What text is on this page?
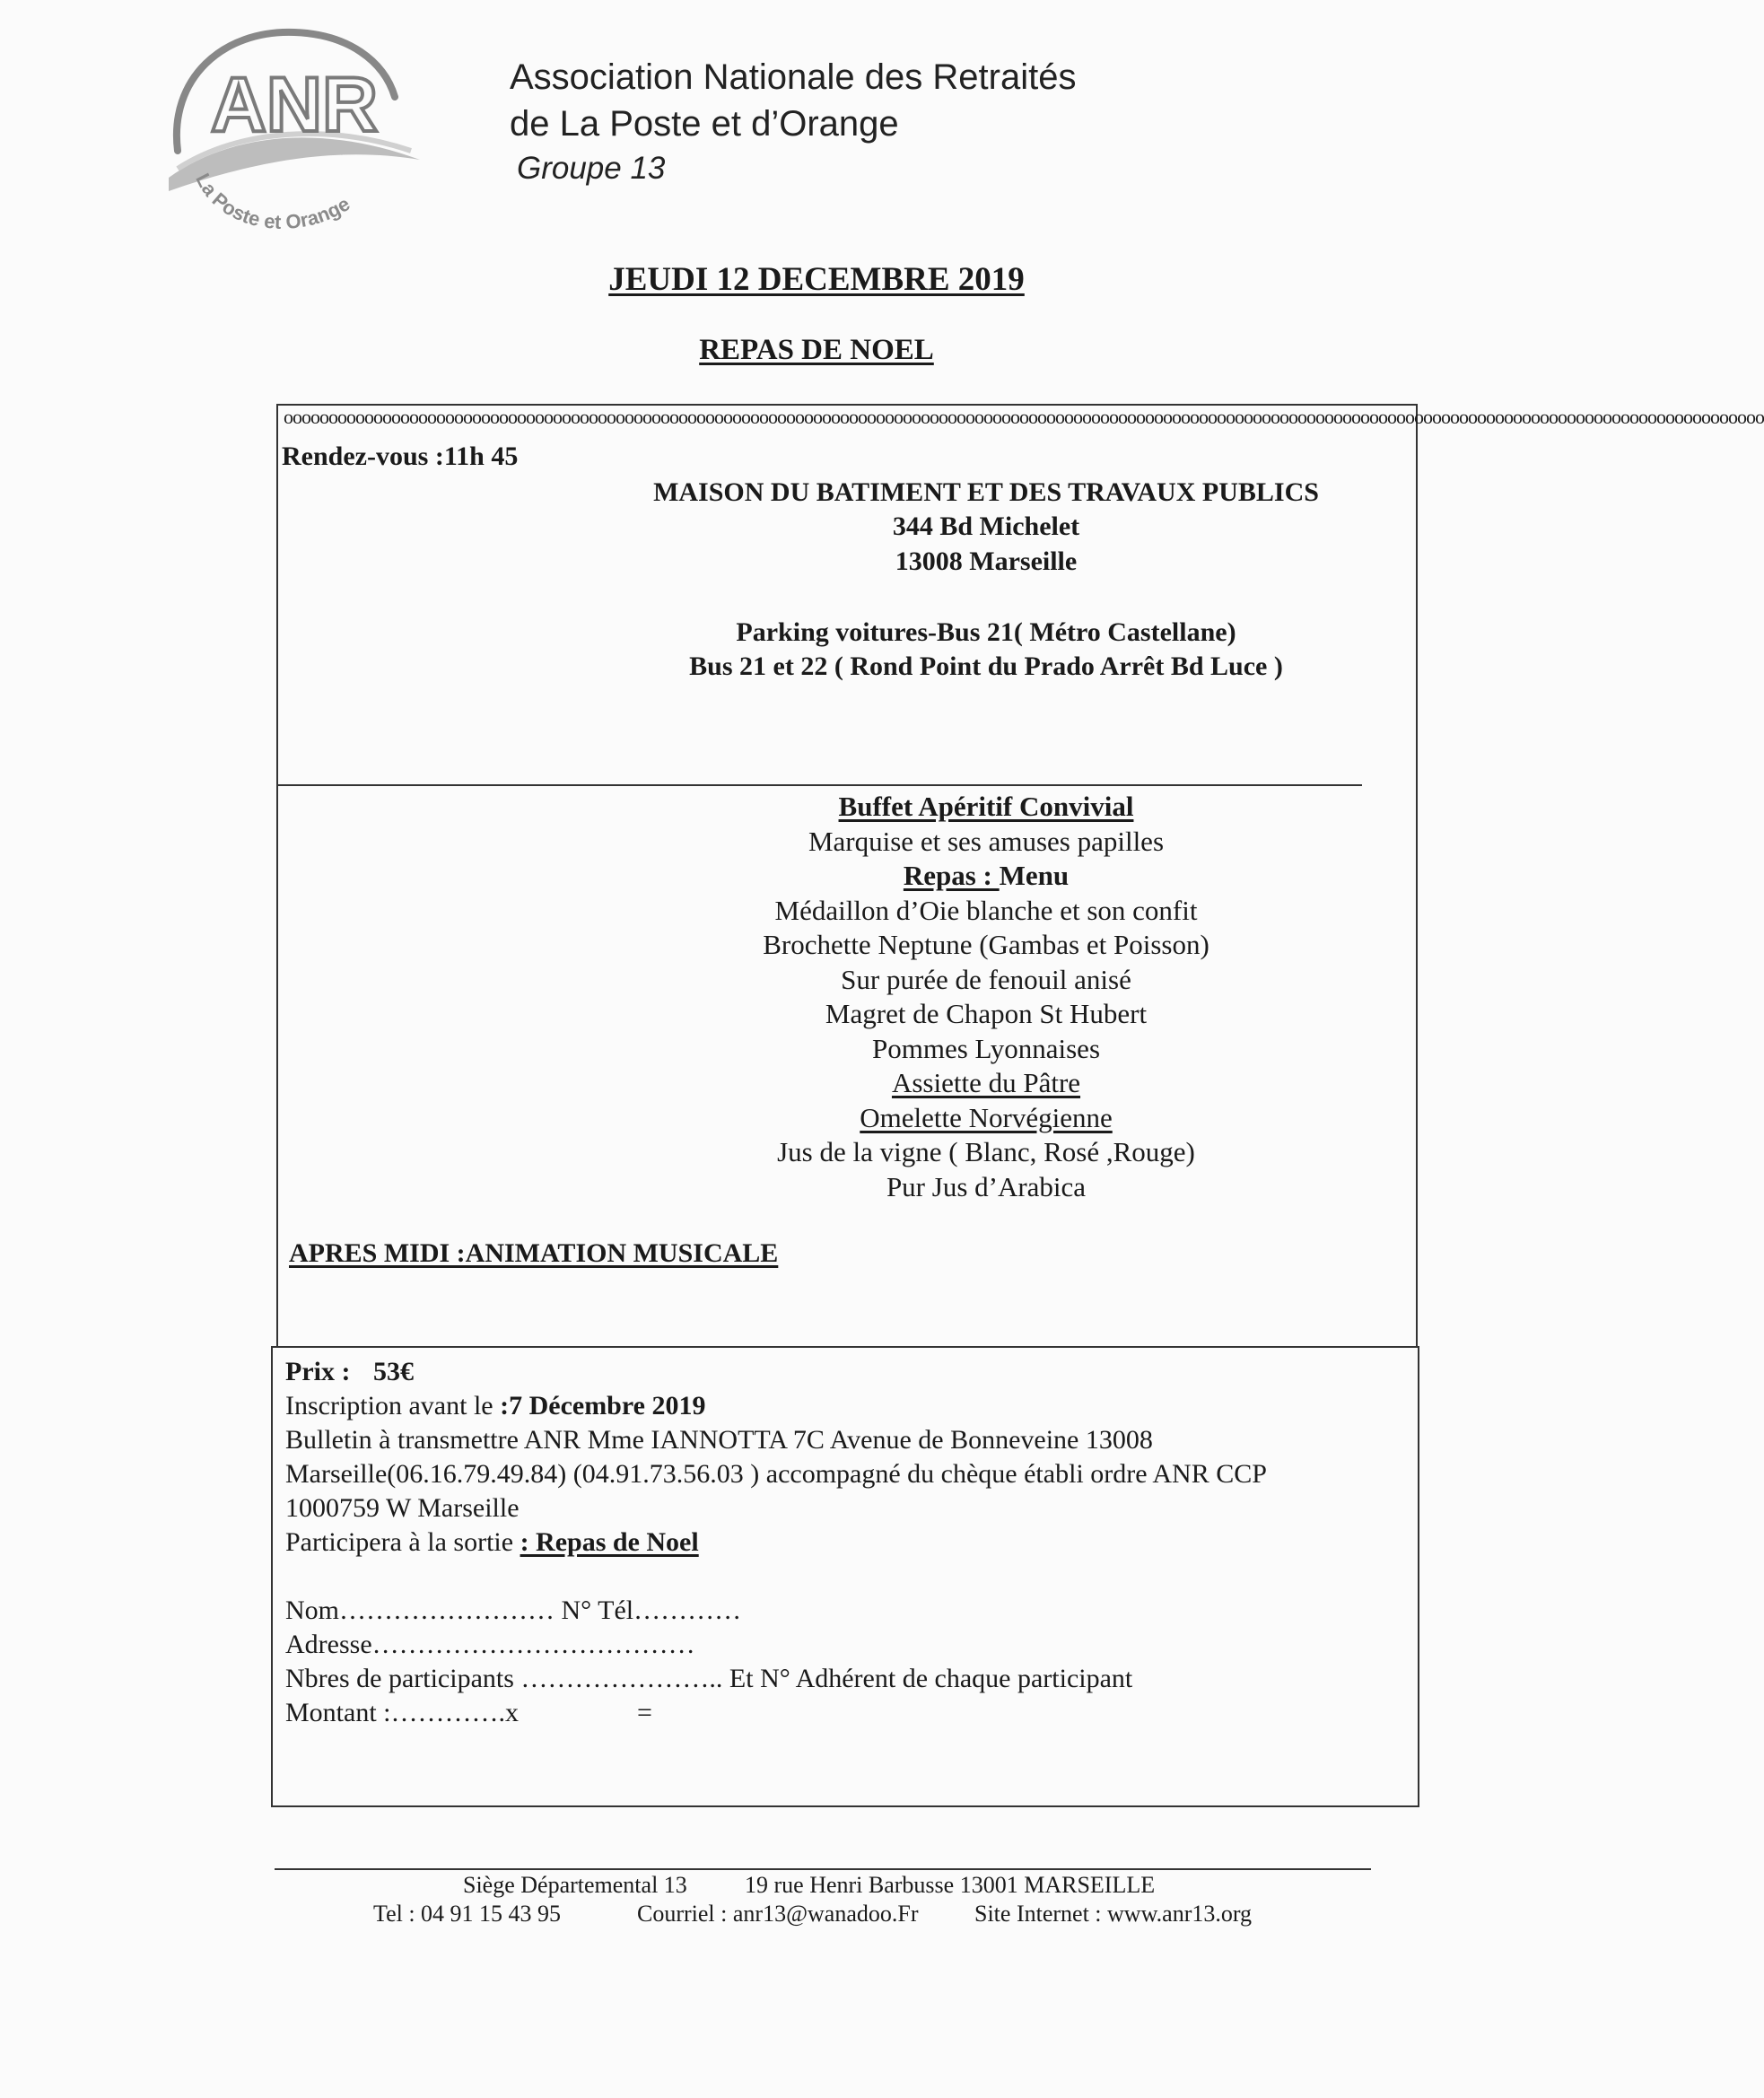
ANR
La Poste et Orange
Association Nationale des Retraités
de La Poste et d’Orange
Groupe 13
JEUDI 12 DECEMBRE 2019
REPAS DE NOEL
ooooooooooooooooooooooooooooooooooooooooooooooooooooooooooooooooooooooooooooooooooooooooooooooooooooooooooooooooooooooooooooooooooooooooooooooooooooooooooooooooooooo
Rendez-vous :11h 45
MAISON DU BATIMENT ET DES TRAVAUX PUBLICS
344 Bd Michelet
13008 Marseille
Parking voitures-Bus 21( Métro Castellane)
Bus 21 et 22 ( Rond Point du Prado Arrêt Bd Luce )
Buffet Apéritif Convivial
Marquise et ses amuses papilles
Repas : Menu
Médaillon d’Oie blanche et son confit
Brochette Neptune (Gambas et Poisson)
Sur purée de fenouil anisé
Magret de Chapon St Hubert
Pommes Lyonnaises
Assiette du Pâtre
Omelette Norvégienne
Jus de la vigne ( Blanc, Rosé ,Rouge)
Pur Jus d’Arabica
APRES MIDI :ANIMATION MUSICALE
Prix : 53€
Inscription avant le :7 Décembre 2019
Bulletin à transmettre ANR Mme IANNOTTA 7C Avenue de Bonneveine 13008
Marseille(06.16.79.49.84) (04.91.73.56.03 ) accompagné du chèque établi ordre ANR CCP
1000759 W Marseille
Participera à la sortie : Repas de Noel
Nom…………………… N° Tél…………
Adresse………………………………
Nbres de participants ………………….. Et N° Adhérent de chaque participant
Montant :………….x	=
Siège Départemental 13 19 rue Henri Barbusse 13001 MARSEILLE
Tel : 04 91 15 43 95	Courriel : anr13@wanadoo.Fr Site Internet : www.anr13.org
